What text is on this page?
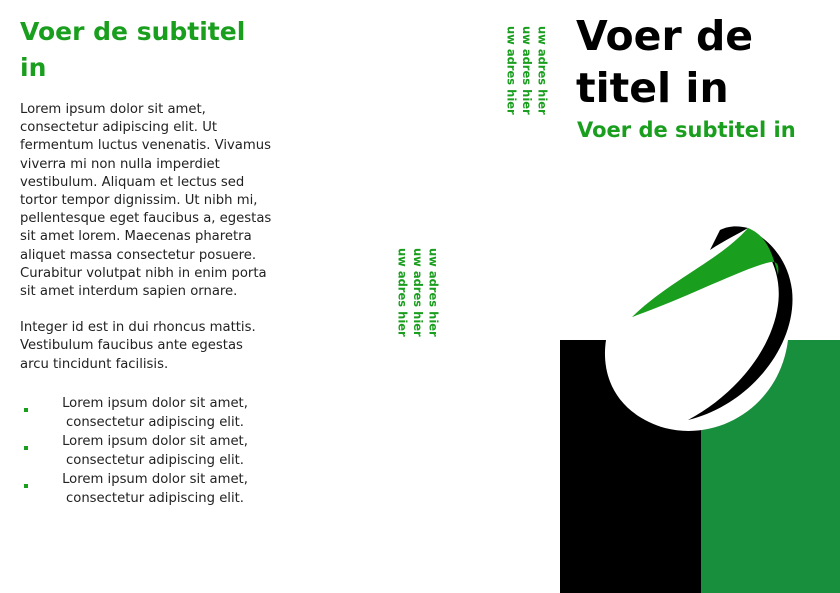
Voer de subtitel in

Lorem ipsum dolor sit amet, consectetur adipiscing elit. Ut fermentum luctus venenatis. Vivamus viverra mi non nulla imperdiet vestibulum. Aliquam et lectus sed tortor tempor dignissim. Ut nibh mi, pellentesque eget faucibus a, egestas sit amet lorem. Maecenas pharetra aliquet massa consectetur posuere. Curabitur volutpat nibh in enim porta sit amet interdum sapien ornare.

Integer id est in dui rhoncus mattis. Vestibulum faucibus ante egestas arcu tincidunt facilisis.

Lorem ipsum dolor sit amet, consectetur adipiscing elit.
Lorem ipsum dolor sit amet, consectetur adipiscing elit.
Lorem ipsum dolor sit amet, consectetur adipiscing elit.
uw adres hier
uw adres hier
uw adres hier
uw adres hier
uw adres hier
uw adres hier Voer de titel in
Voer de subtitel in
